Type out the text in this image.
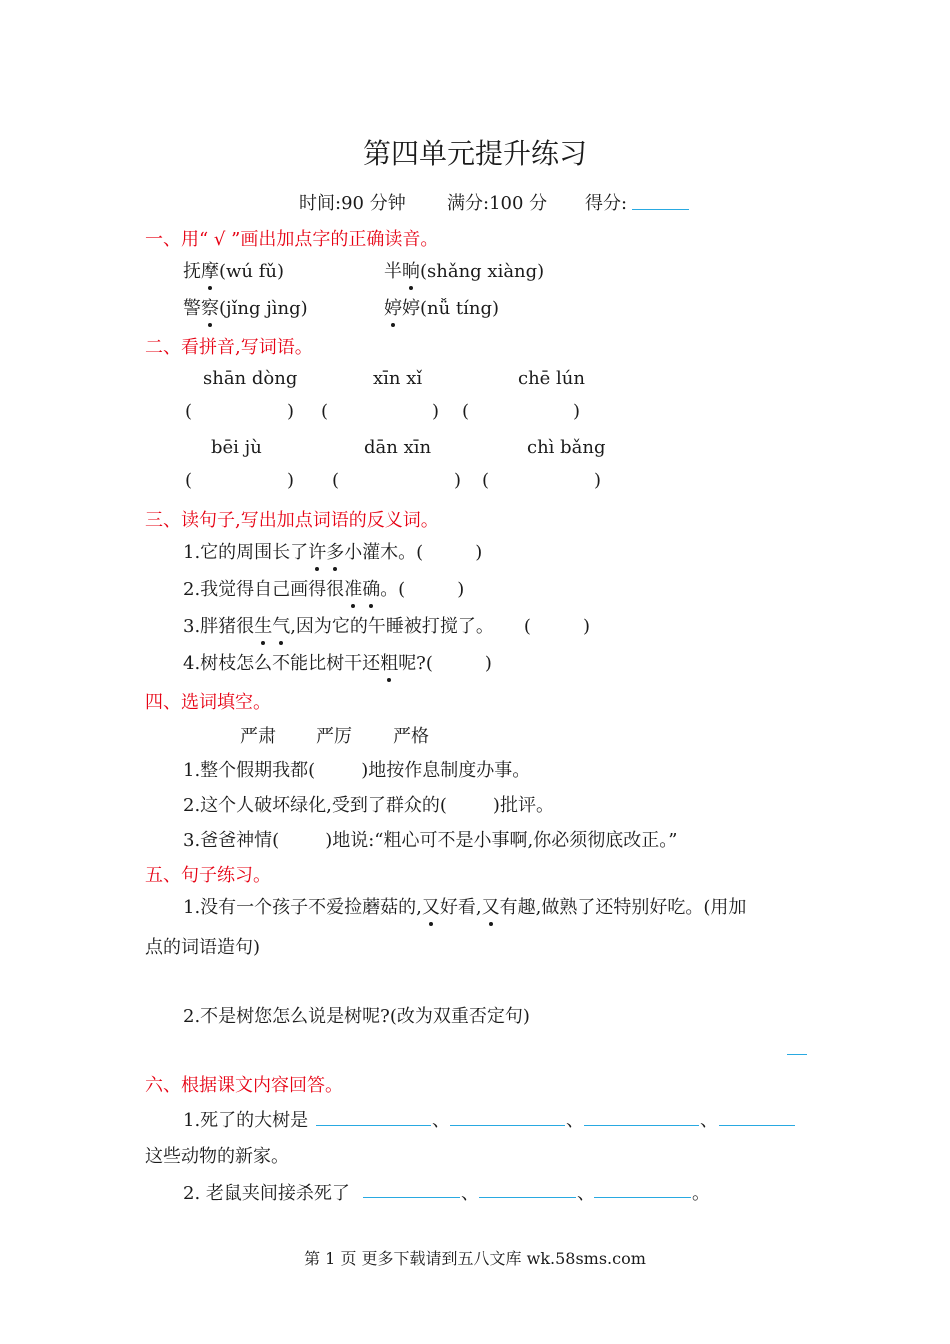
第四单元提升练习
时间:90 分钟 满分:100 分 得分:
一、用“ √ ”画出加点字的正确读音。
抚摩(wú fǔ)	半晌(shǎng xiàng)
警察(jǐng jìng)	婷婷(nǚ tíng)
二、看拼音,写词语。
shān dòng	xīn xǐ	chē lún
(	) (	) (	)
bēi jù	dān xīn	chì bǎng
(	) (	) (	)
三、读句子,写出加点词语的反义词。
1.它的周围长了许多小灌木。(	)
2.我觉得自己画得很准确。(	)
3.胖猪很生气,因为它的午睡被打搅了。 (	)
4.树枝怎么不能比树干还粗呢?(	)
四、选词填空。
严肃 严厉 严格
1.整个假期我都(	)地按作息制度办事。
2.这个人破坏绿化,受到了群众的(	)批评。
3.爸爸神情(	)地说:“粗心可不是小事啊,你必须彻底改正。”
五、句子练习。
1.没有一个孩子不爱捡蘑菇的,又好看,又有趣,做熟了还特别好吃。(用加
点的词语造句)
2.不是树您怎么说是树呢?(改为双重否定句)
六、根据课文内容回答。
1.死了的大树是	、	、	、
这些动物的新家。
2. 老鼠夹间接杀死了	、	、	。
第 1 页 更多下载请到五八文库 wk.58sms.com
